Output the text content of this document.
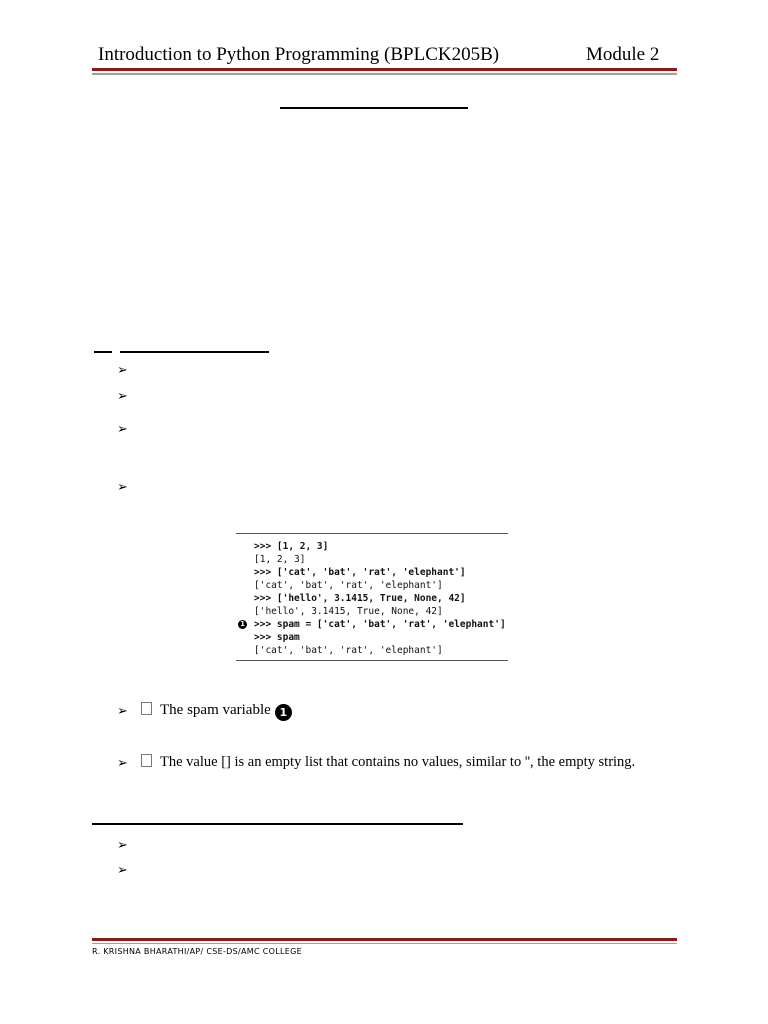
Introduction to Python Programming (BPLCK205B)	Module 2
➢
➢
➢
➢
>>> [1, 2, 3]
[1, 2, 3]
>>> ['cat', 'bat', 'rat', 'elephant']
['cat', 'bat', 'rat', 'elephant']
>>> ['hello', 3.1415, True, None, 42]
['hello', 3.1415, True, None, 42]
1 >>> spam = ['cat', 'bat', 'rat', 'elephant']
>>> spam
['cat', 'bat', 'rat', 'elephant']
➢	The spam variable 1
➢	The value [] is an empty list that contains no values, similar to '', the empty string.
➢
➢
R. KRISHNA BHARATHI/AP/ CSE-DS/AMC COLLEGE
